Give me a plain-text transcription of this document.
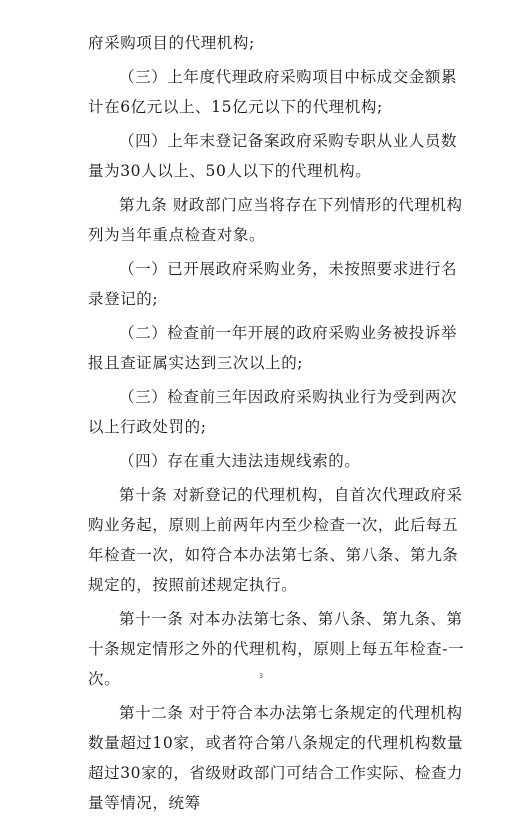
府采购项目的代理机构;

（三）上年度代理政府采购项目中标成交金额累计在6亿元以上、15亿元以下的代理机构;

（四）上年末登记备案政府采购专职从业人员数量为30人以上、50人以下的代理机构。

第九条 财政部门应当将存在下列情形的代理机构列为当年重点检查对象。

（一）已开展政府采购业务，未按照要求进行名录登记的;

（二）检查前一年开展的政府采购业务被投诉举报且查证属实达到三次以上的;

（三）检查前三年因政府采购执业行为受到两次以上行政处罚的;

（四）存在重大违法违规线索的。

第十条 对新登记的代理机构，自首次代理政府采购业务起，原则上前两年内至少检查一次，此后每五年检查一次，如符合本办法第七条、第八条、第九条规定的，按照前述规定执行。

第十一条 对本办法第七条、第八条、第九条、第十条规定情形之外的代理机构，原则上每五年检查-一次。

第十二条 对于符合本办法第七条规定的代理机构数量超过10家，或者符合第八条规定的代理机构数量超过30家的，省级财政部门可结合工作实际、检查力量等情况，统筹

3
